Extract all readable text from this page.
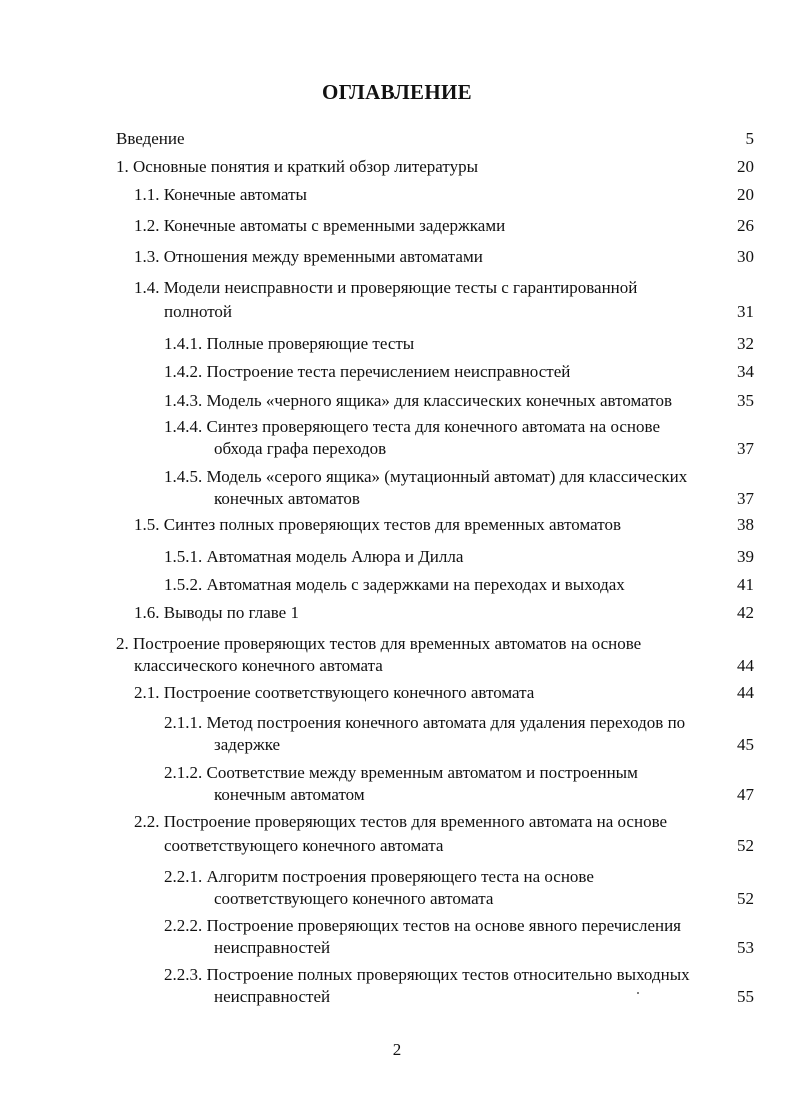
ОГЛАВЛЕНИЕ
Введение	5
1. Основные понятия и краткий обзор литературы	20
1.1. Конечные автоматы	20
1.2. Конечные автоматы с временными задержками	26
1.3. Отношения между временными автоматами	30
1.4. Модели неисправности и проверяющие тесты с гарантированной
полнотой	31
1.4.1. Полные проверяющие тесты	32
1.4.2. Построение теста перечислением неисправностей	34
1.4.3. Модель «черного ящика» для классических конечных автоматов	35
1.4.4. Синтез проверяющего теста для конечного автомата на основе
обхода графа переходов	37
1.4.5. Модель «серого ящика» (мутационный автомат) для классических
конечных автоматов	37
1.5. Синтез полных проверяющих тестов для временных автоматов	38
1.5.1. Автоматная модель Алюра и Дилла	39
1.5.2. Автоматная модель с задержками на переходах и выходах	41
1.6. Выводы по главе 1	42
2. Построение проверяющих тестов для временных автоматов на основе
классического конечного автомата	44
2.1. Построение соответствующего конечного автомата	44
2.1.1. Метод построения конечного автомата для удаления переходов по
задержке	45
2.1.2. Соответствие между временным автоматом и построенным
конечным автоматом	47
2.2. Построение проверяющих тестов для временного автомата на основе
соответствующего конечного автомата	52
2.2.1. Алгоритм построения проверяющего теста на основе
соответствующего конечного автомата	52
2.2.2. Построение проверяющих тестов на основе явного перечисления
неисправностей	53
2.2.3. Построение полных проверяющих тестов относительно выходных
неисправностей	55
2
